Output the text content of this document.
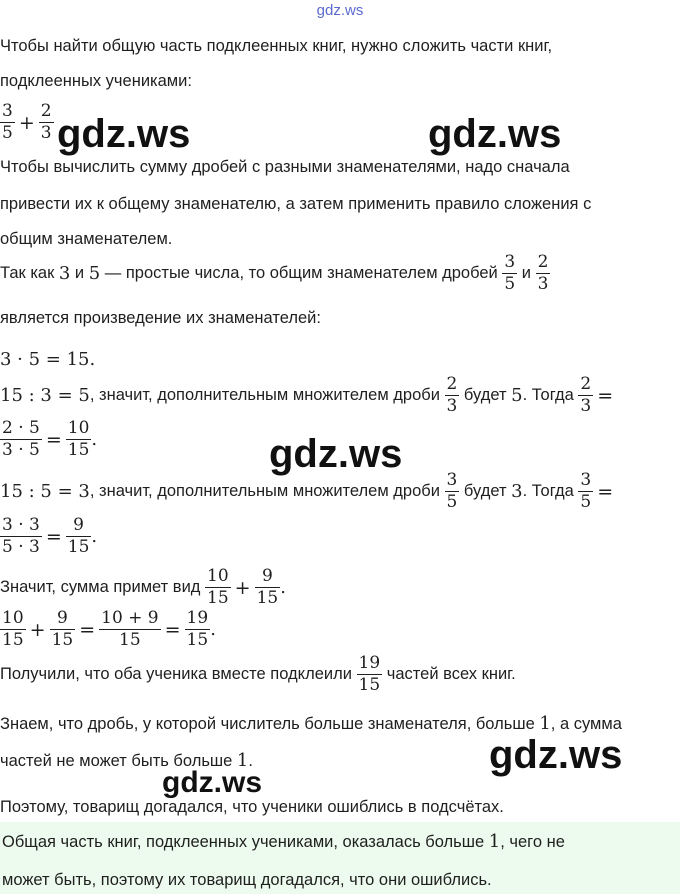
gdz.ws
Чтобы найти общую часть подклеенных книг, нужно сложить части книг,
подклеенных учениками:
$\frac{3}{5} + \frac{2}{3}$
Чтобы вычислить сумму дробей с разными знаменателями, надо сначала
привести их к общему знаменателю, а затем применить правило сложения с
общим знаменателем.
Так как 3 и 5 — простые числа, то общим знаменателем дробей $\frac{3}{5}$ и $\frac{2}{3}$
является произведение их знаменателей:
3 · 5 = 15.
15 : 3 = 5, значит, дополнительным множителем дроби $\frac{2}{3}$ будет 5. Тогда $\frac{2}{3}$ =
$\frac{2 \cdot 5}{3 \cdot 5} = \frac{10}{15}$ .
15 : 5 = 3, значит, дополнительным множителем дроби $\frac{3}{5}$ будет 3. Тогда $\frac{3}{5}$ =
$\frac{3 \cdot 3}{5 \cdot 3} = \frac{9}{15}$ .
Значит, сумма примет вид $\frac{10}{15} + \frac{9}{15}$ .
$\frac{10}{15} + \frac{9}{15} = \frac{10 + 9}{15} = \frac{19}{15}$ .
Получили, что оба ученика вместе подклеили $\frac{19}{15}$ частей всех книг.
Знаем, что дробь, у которой числитель больше знаменателя, больше 1, а сумма
частей не может быть больше 1.
Поэтому, товарищ догадался, что ученики ошиблись в подсчётах.
Общая часть книг, подклеенных учениками, оказалась больше 1, чего не
может быть, поэтому их товарищ догадался, что они ошиблись.
gdz.ws	gdz.ws
gdz.ws
gdz.ws
gdz.ws
